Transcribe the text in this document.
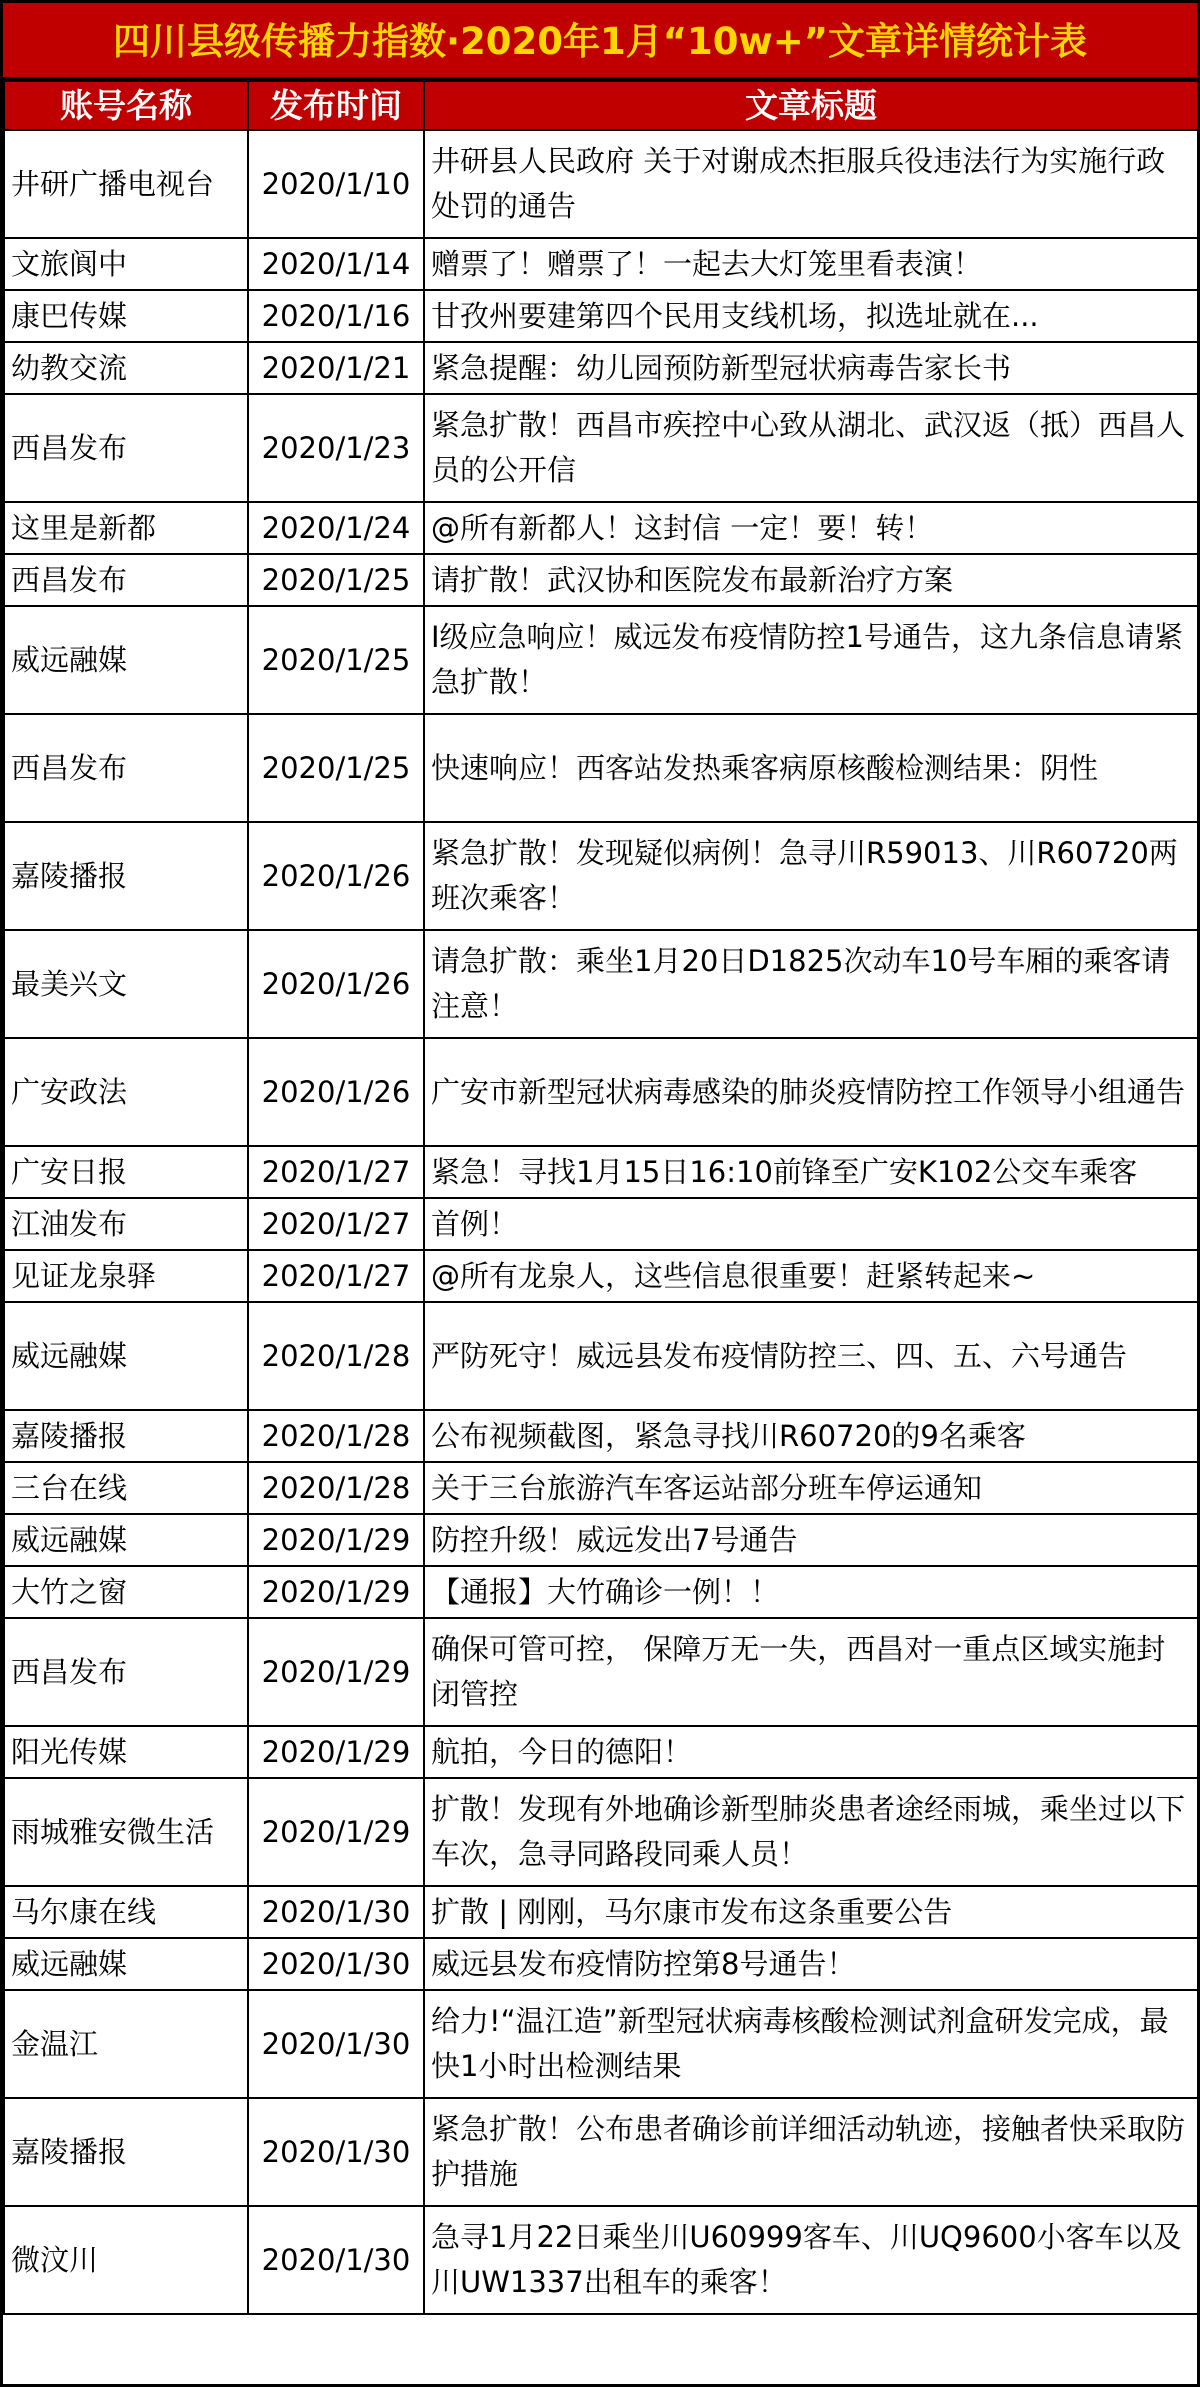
四川县级传播力指数·2020年1月“10w+”文章详情统计表
账号名称	发布时间	文章标题
井研广播电视台	2020/1/10	井研县人民政府 关于对谢成杰拒服兵役违法行为实施行政处罚的通告
文旅阆中	2020/1/14	赠票了！赠票了！一起去大灯笼里看表演！
康巴传媒	2020/1/16	甘孜州要建第四个民用支线机场，拟选址就在...
幼教交流	2020/1/21	紧急提醒：幼儿园预防新型冠状病毒告家长书
西昌发布	2020/1/23	紧急扩散！西昌市疾控中心致从湖北、武汉返（抵）西昌人员的公开信
这里是新都	2020/1/24	@所有新都人！这封信 一定！要！转！
西昌发布	2020/1/25	请扩散！武汉协和医院发布最新治疗方案
威远融媒	2020/1/25	Ⅰ级应急响应！威远发布疫情防控1号通告，这九条信息请紧急扩散！
西昌发布	2020/1/25	快速响应！西客站发热乘客病原核酸检测结果：阴性
嘉陵播报	2020/1/26	紧急扩散！发现疑似病例！急寻川R59013、川R60720两班次乘客！
最美兴文	2020/1/26	请急扩散：乘坐1月20日D1825次动车10号车厢的乘客请注意！
广安政法	2020/1/26	广安市新型冠状病毒感染的肺炎疫情防控工作领导小组通告
广安日报	2020/1/27	紧急！寻找1月15日16:10前锋至广安K102公交车乘客
江油发布	2020/1/27	首例！
见证龙泉驿	2020/1/27	@所有龙泉人，这些信息很重要！赶紧转起来~
威远融媒	2020/1/28	严防死守！威远县发布疫情防控三、四、五、六号通告
嘉陵播报	2020/1/28	公布视频截图，紧急寻找川R60720的9名乘客
三台在线	2020/1/28	关于三台旅游汽车客运站部分班车停运通知
威远融媒	2020/1/29	防控升级！威远发出7号通告
大竹之窗	2020/1/29	【通报】大竹确诊一例！！
西昌发布	2020/1/29	确保可管可控， 保障万无一失，西昌对一重点区域实施封闭管控
阳光传媒	2020/1/29	航拍，今日的德阳！
雨城雅安微生活	2020/1/29	扩散！发现有外地确诊新型肺炎患者途经雨城，乘坐过以下车次，急寻同路段同乘人员！
马尔康在线	2020/1/30	扩散 | 刚刚，马尔康市发布这条重要公告
威远融媒	2020/1/30	威远县发布疫情防控第8号通告！
金温江	2020/1/30	给力!“温江造”新型冠状病毒核酸检测试剂盒研发完成，最快1小时出检测结果
嘉陵播报	2020/1/30	紧急扩散！公布患者确诊前详细活动轨迹，接触者快采取防护措施
微汶川	2020/1/30	急寻1月22日乘坐川U60999客车、川UQ9600小客车以及川UW1337出租车的乘客！
